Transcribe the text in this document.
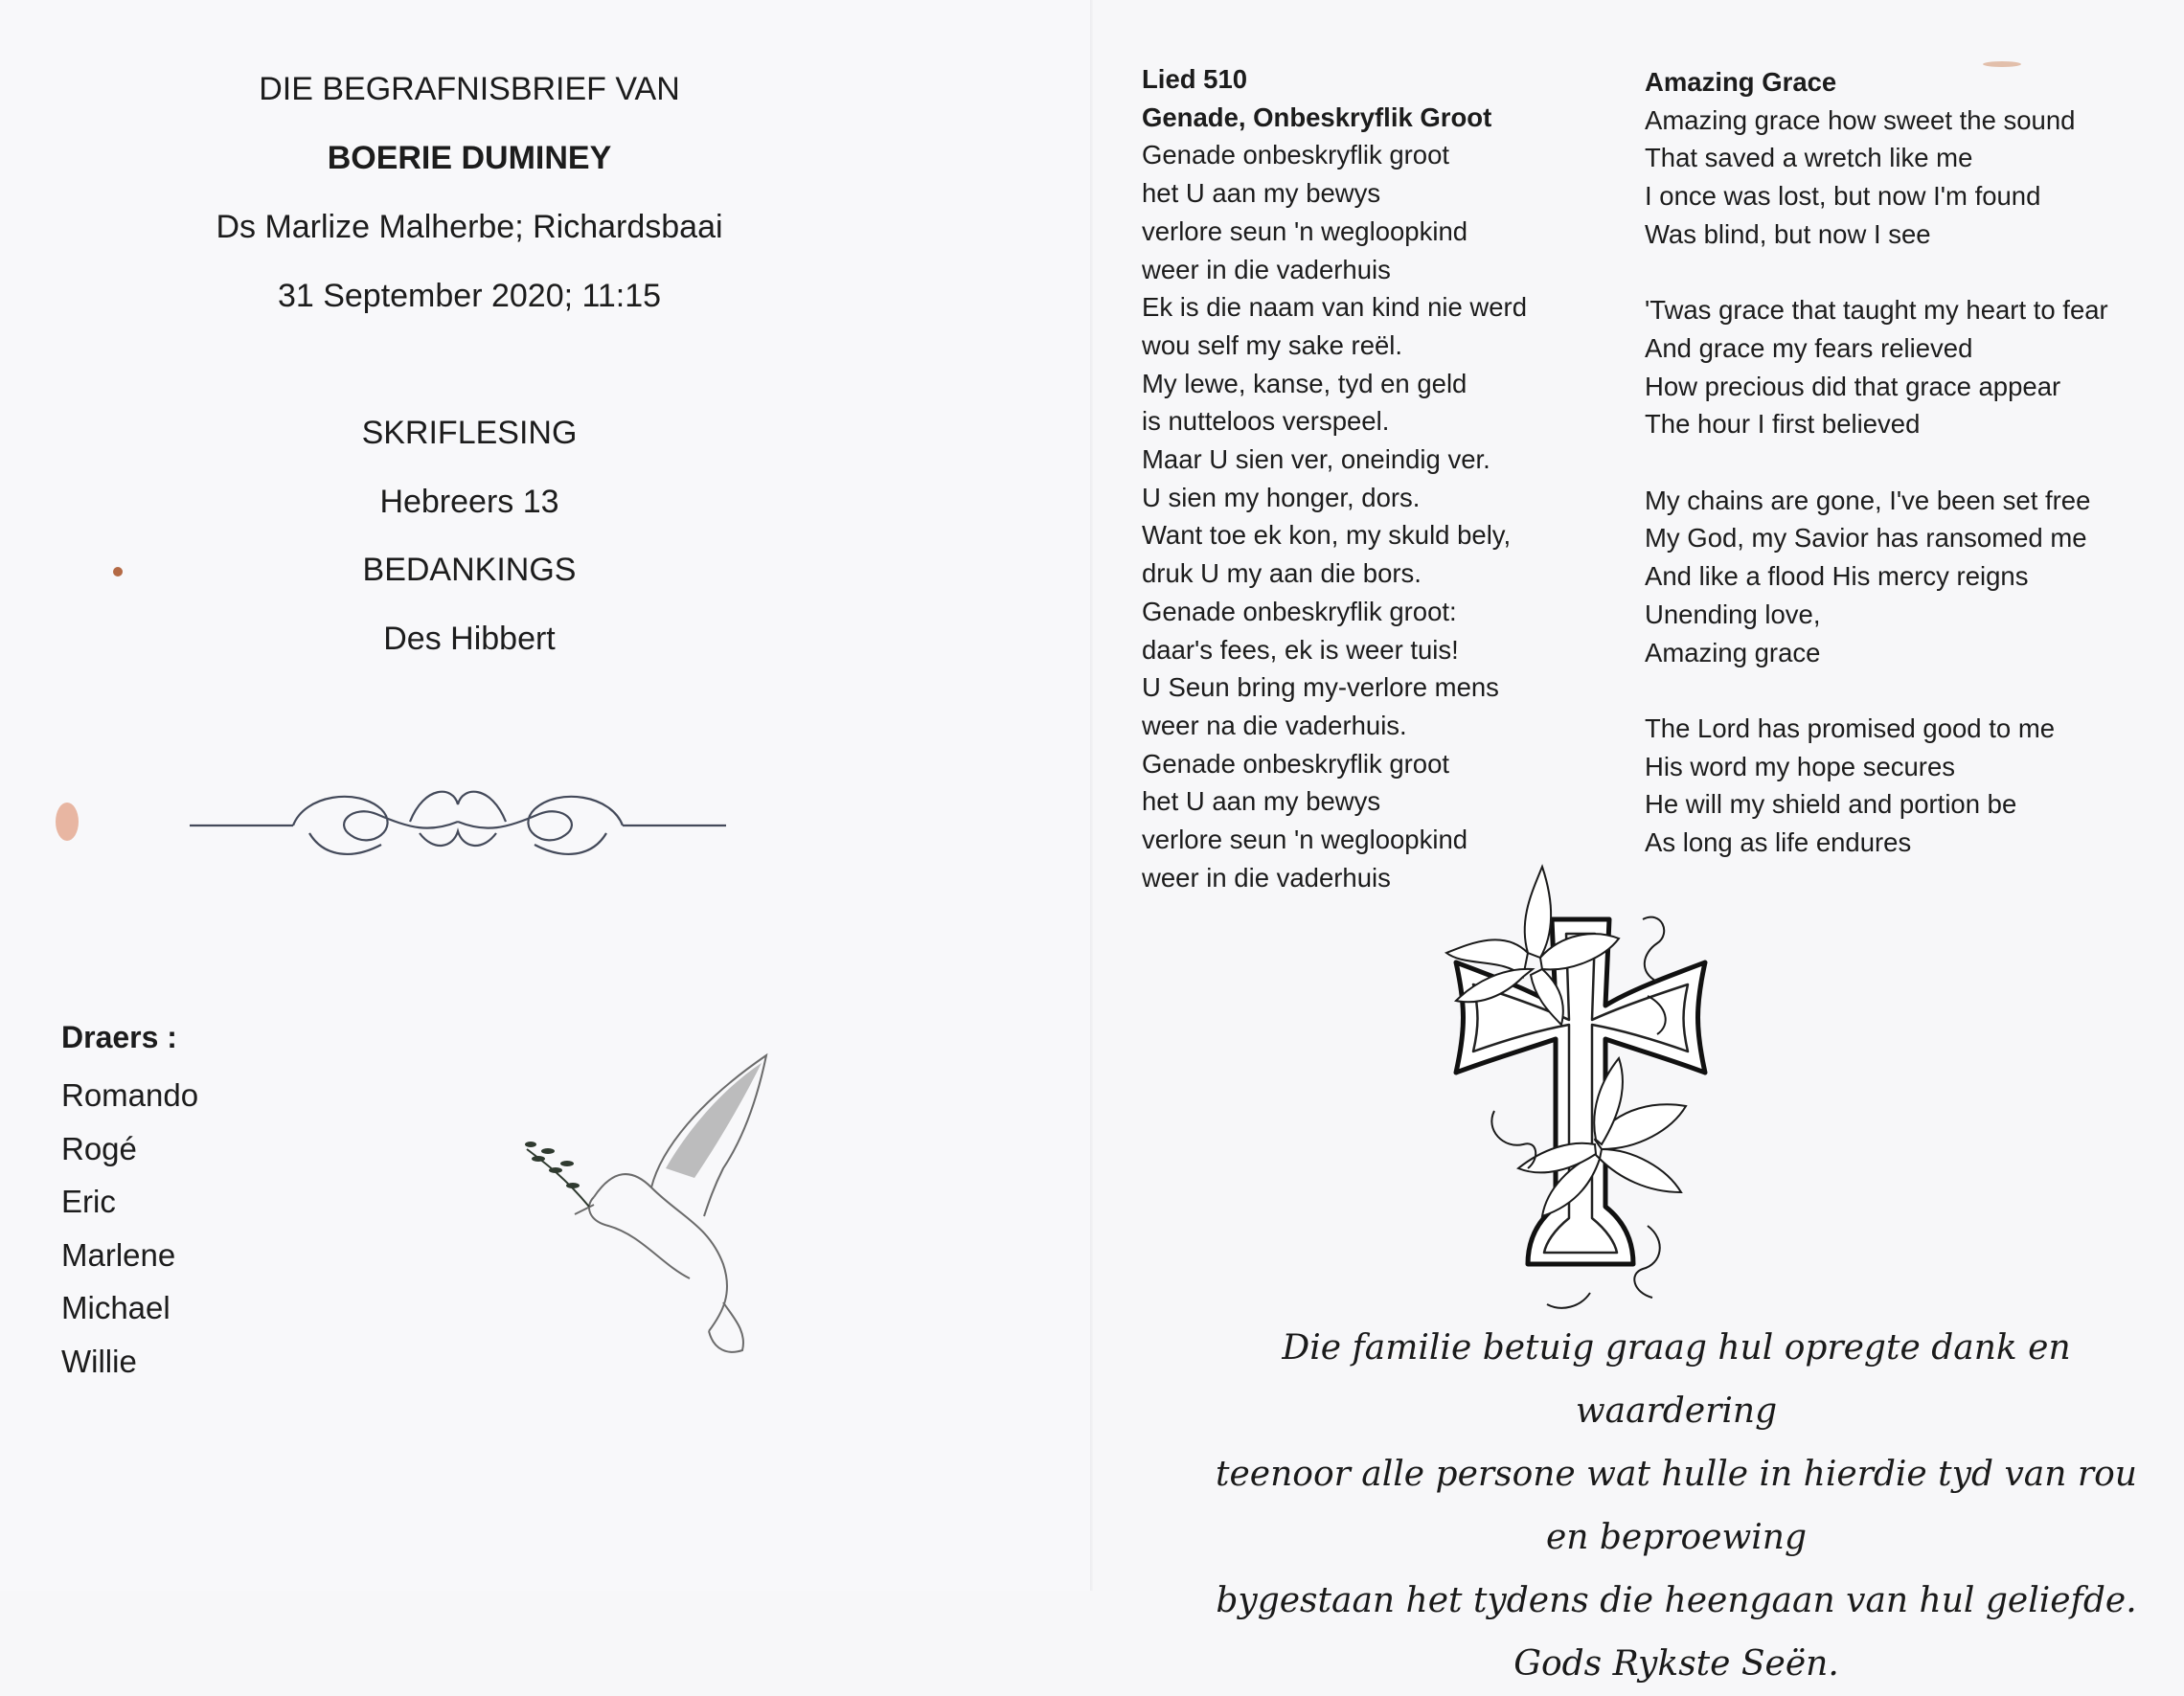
DIE BEGRAFNISBRIEF VAN
BOERIE DUMINEY
Ds Marlize Malherbe; Richardsbaai
31 September 2020; 11:15
SKRIFLESING
Hebreers 13
BEDANKINGS
Des Hibbert
Draers :
Romando
Rogé
Eric
Marlene
Michael
Willie
Lied 510
Genade, Onbeskryflik Groot
Genade onbeskryflik groot
het U aan my bewys
verlore seun 'n wegloopkind
weer in die vaderhuis
Ek is die naam van kind nie werd
wou self my sake reël.
My lewe, kanse, tyd en geld
is nutteloos verspeel.
Maar U sien ver, oneindig ver.
U sien my honger, dors.
Want toe ek kon, my skuld bely,
druk U my aan die bors.
Genade onbeskryflik groot:
daar's fees, ek is weer tuis!
U Seun bring my-verlore mens
weer na die vaderhuis.
Genade onbeskryflik groot
het U aan my bewys
verlore seun 'n wegloopkind
weer in die vaderhuis
Amazing Grace
Amazing grace how sweet the sound
That saved a wretch like me
I once was lost, but now I'm found
Was blind, but now I see
'Twas grace that taught my heart to fear
And grace my fears relieved
How precious did that grace appear
The hour I first believed
My chains are gone, I've been set free
My God, my Savior has ransomed me
And like a flood His mercy reigns
Unending love,
Amazing grace
The Lord has promised good to me
His word my hope secures
He will my shield and portion be
As long as life endures
Die familie betuig graag hul opregte dank en waardering
teenoor alle persone wat hulle in hierdie tyd van rou en beproewing
bygestaan het tydens die heengaan van hul geliefde.
Gods Rykste Seën.
